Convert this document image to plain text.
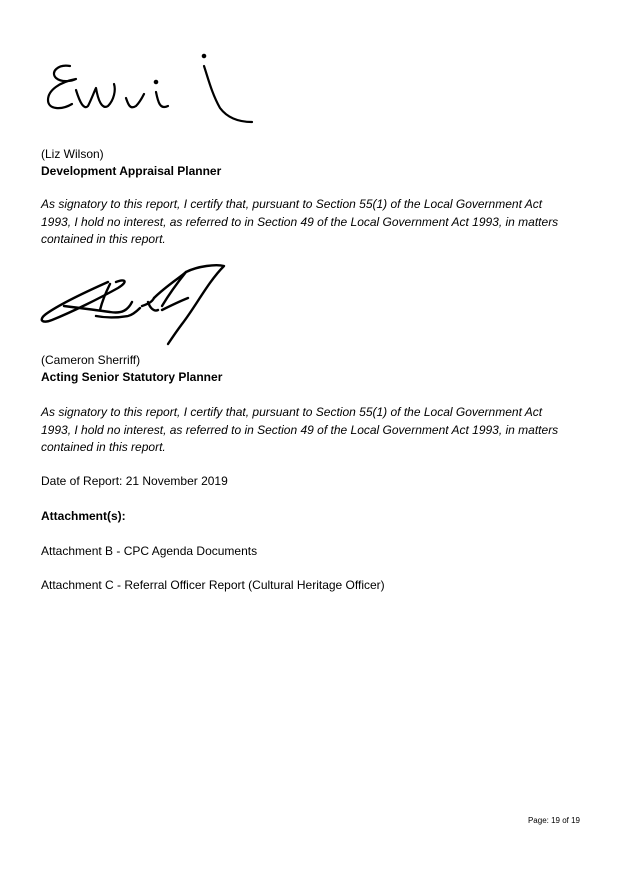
(Liz Wilson)
Development Appraisal Planner
As signatory to this report, I certify that, pursuant to Section 55(1) of the Local Government Act
1993, I hold no interest, as referred to in Section 49 of the Local Government Act 1993, in matters
contained in this report.
(Cameron Sherriff)
Acting Senior Statutory Planner
As signatory to this report, I certify that, pursuant to Section 55(1) of the Local Government Act
1993, I hold no interest, as referred to in Section 49 of the Local Government Act 1993, in matters
contained in this report.
Date of Report: 21 November 2019
Attachment(s):
Attachment B - CPC Agenda Documents
Attachment C - Referral Officer Report (Cultural Heritage Officer)
Page: 19 of 19
